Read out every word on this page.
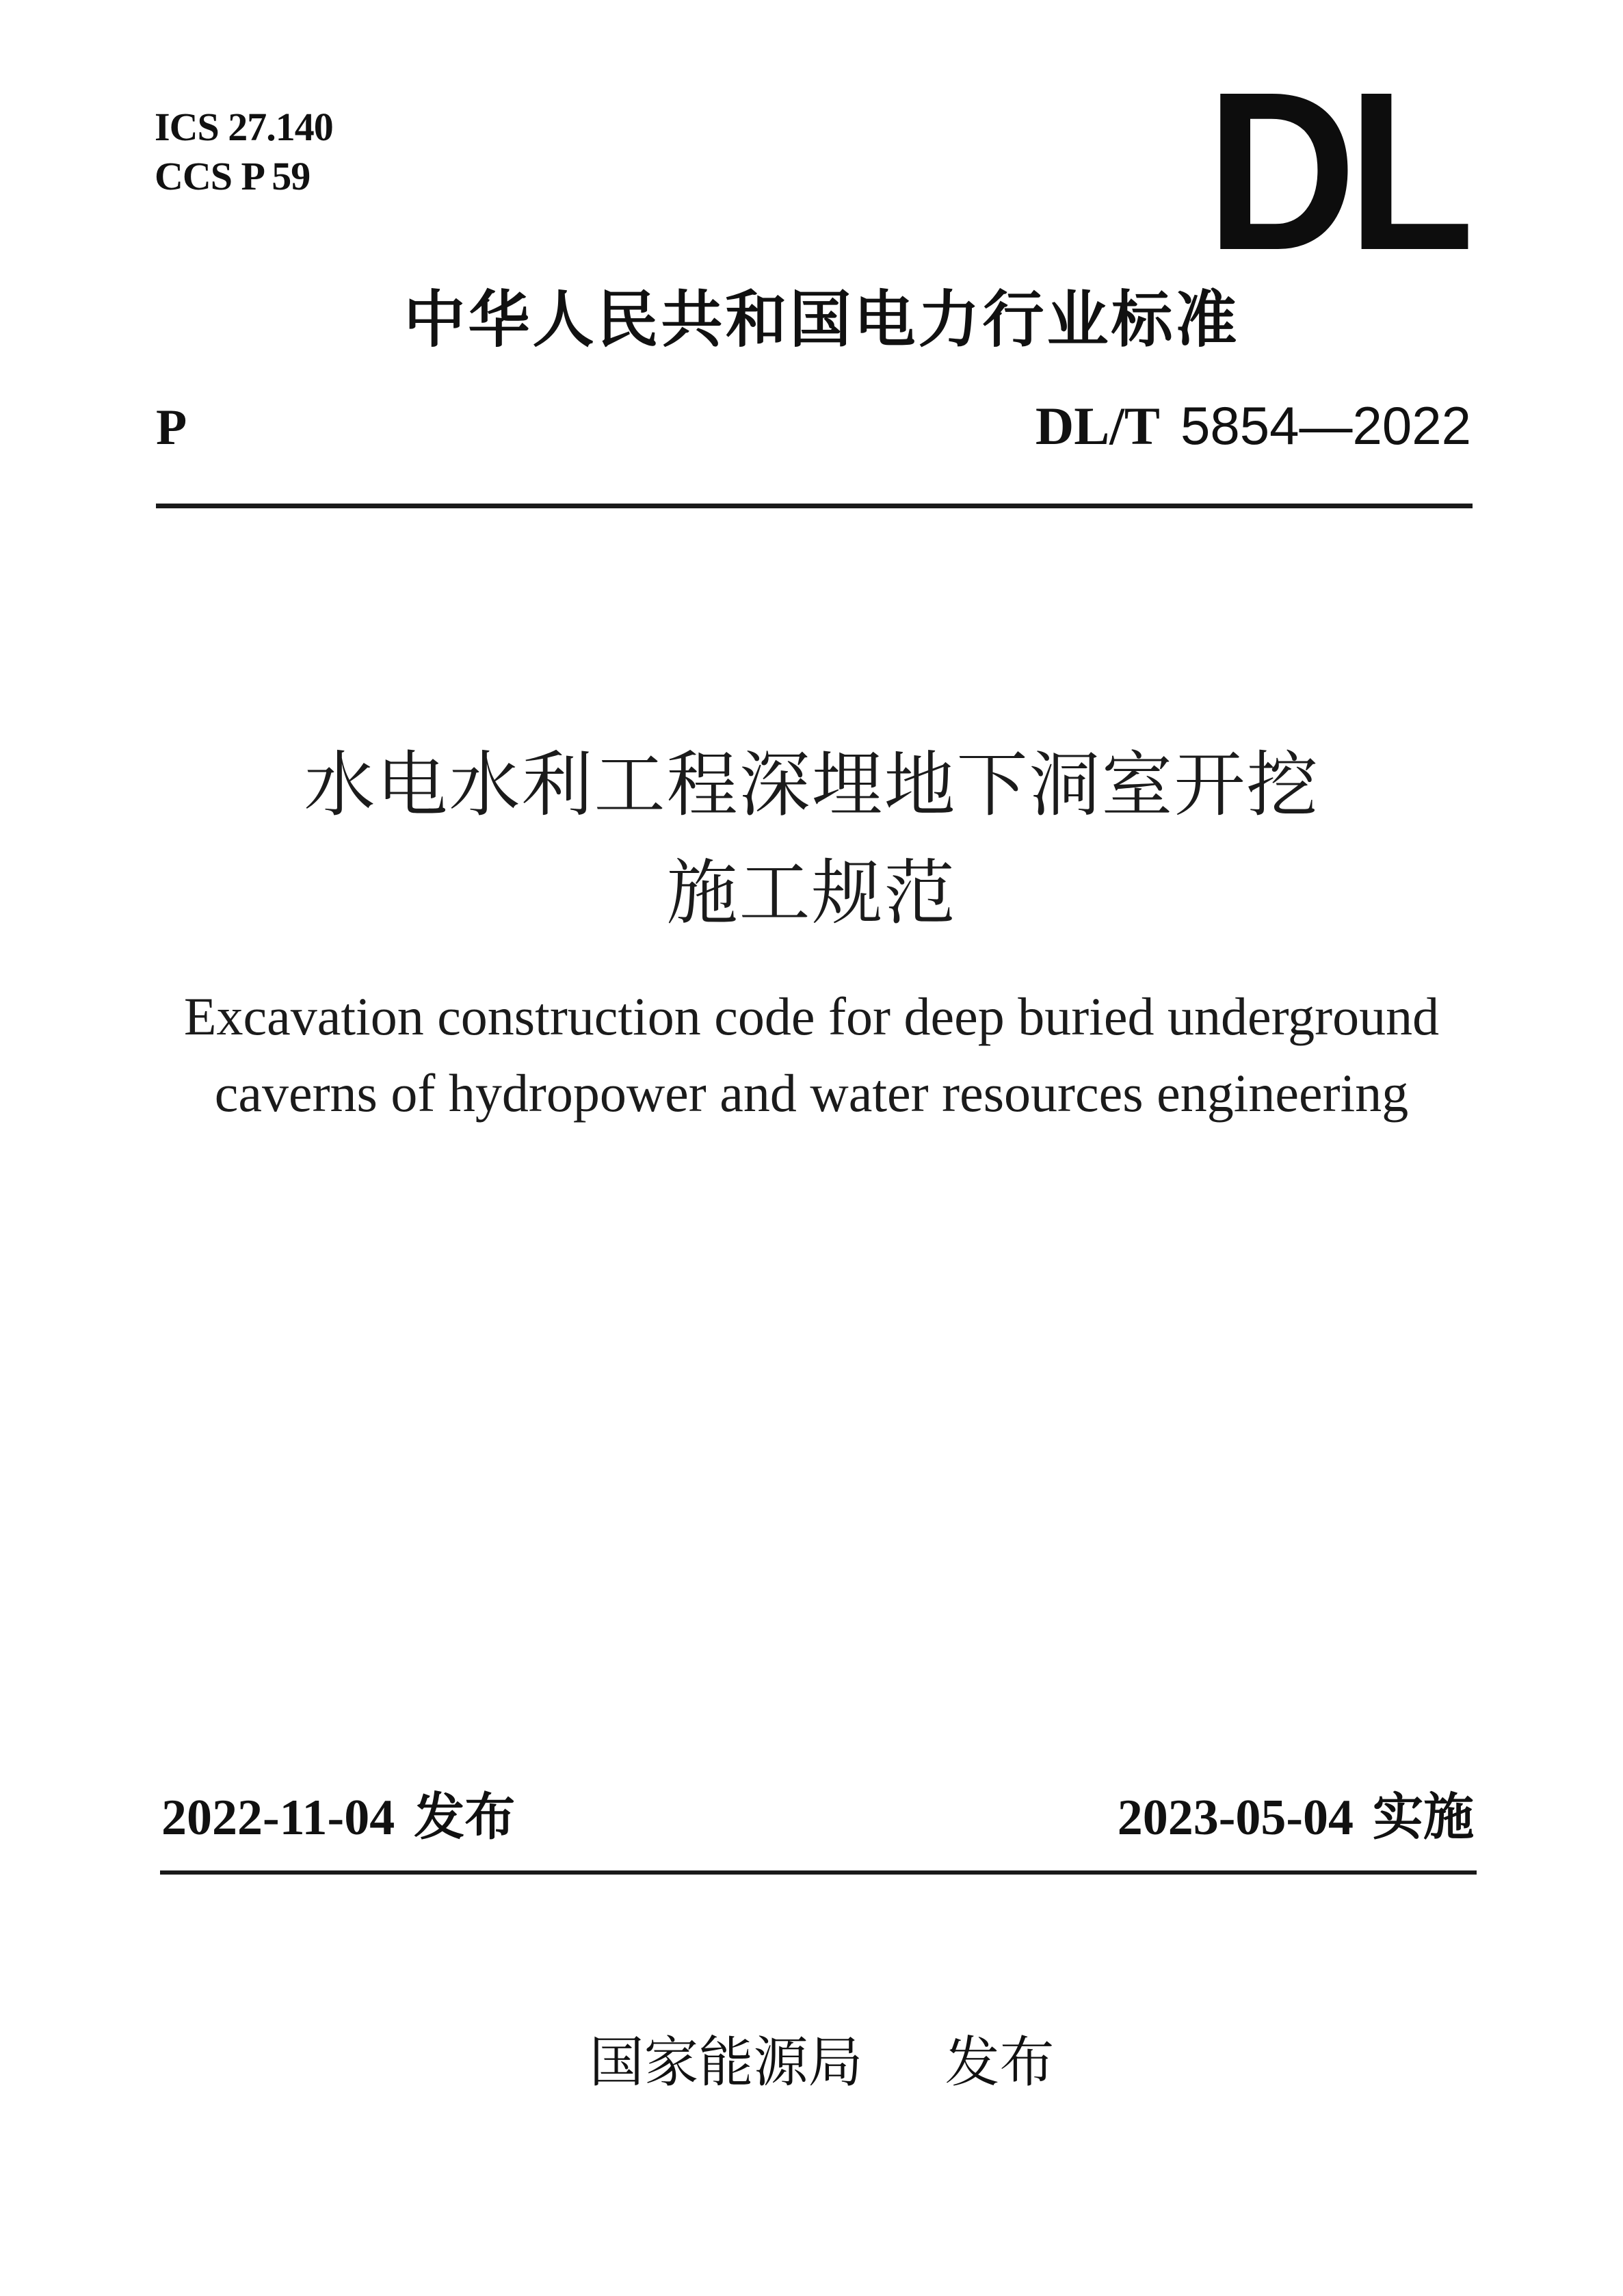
ICS 27.140
CCS P 59	DL
中华人民共和国电力行业标准
P	DL/T 5854—2022
水电水利工程深埋地下洞室开挖
施工规范
Excavation construction code for deep buried underground
caverns of hydropower and water resources engineering
2022-11-04 发布	2023-05-04 实施
国家能源局 发布
